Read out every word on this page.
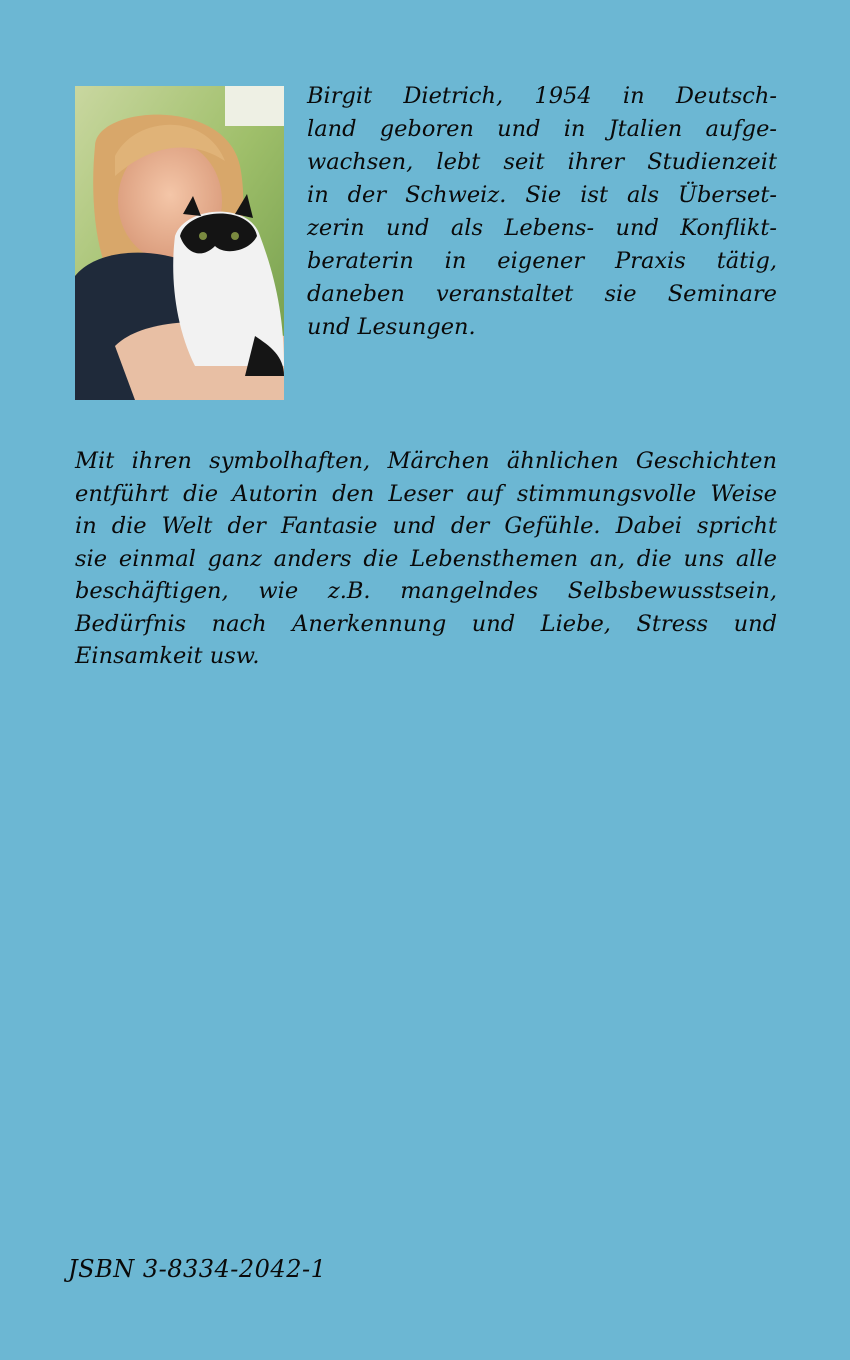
Birgit Dietrich, 1954 in Deutsch-
land geboren und in Jtalien aufge-
wachsen, lebt seit ihrer Studienzeit
in der Schweiz. Sie ist als Überset-
zerin und als Lebens- und Konflikt-
beraterin in eigener Praxis tätig,
daneben veranstaltet sie Seminare
und Lesungen.

Mit ihren symbolhaften, Märchen ähnlichen Geschichten
entführt die Autorin den Leser auf stimmungsvolle Weise
in die Welt der Fantasie und der Gefühle. Dabei spricht
sie einmal ganz anders die Lebensthemen an, die uns alle
beschäftigen, wie z.B. mangelndes Selbsbewusstsein,
Bedürfnis nach Anerkennung und Liebe, Stress und
Einsamkeit usw.

JSBN 3-8334-2042-1
